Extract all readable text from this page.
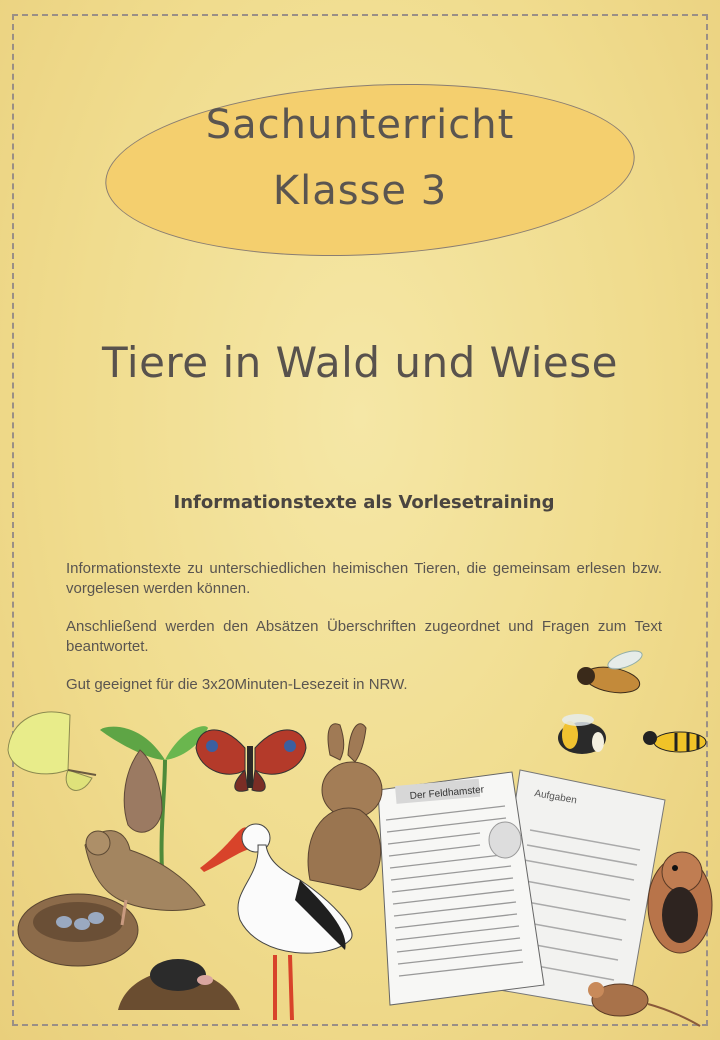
Sachunterricht
Klasse 3
Tiere in Wald und Wiese
Informationstexte als Vorlesetraining
Informationstexte zu unterschiedlichen heimischen Tieren, die gemeinsam erlesen bzw. vorgelesen werden können.
Anschließend werden den Absätzen Überschriften zugeordnet und Fragen zum Text beantwortet.
Gut geeignet für die 3x20Minuten-Lesezeit in NRW.
Aufgaben
Der Feldhamster
